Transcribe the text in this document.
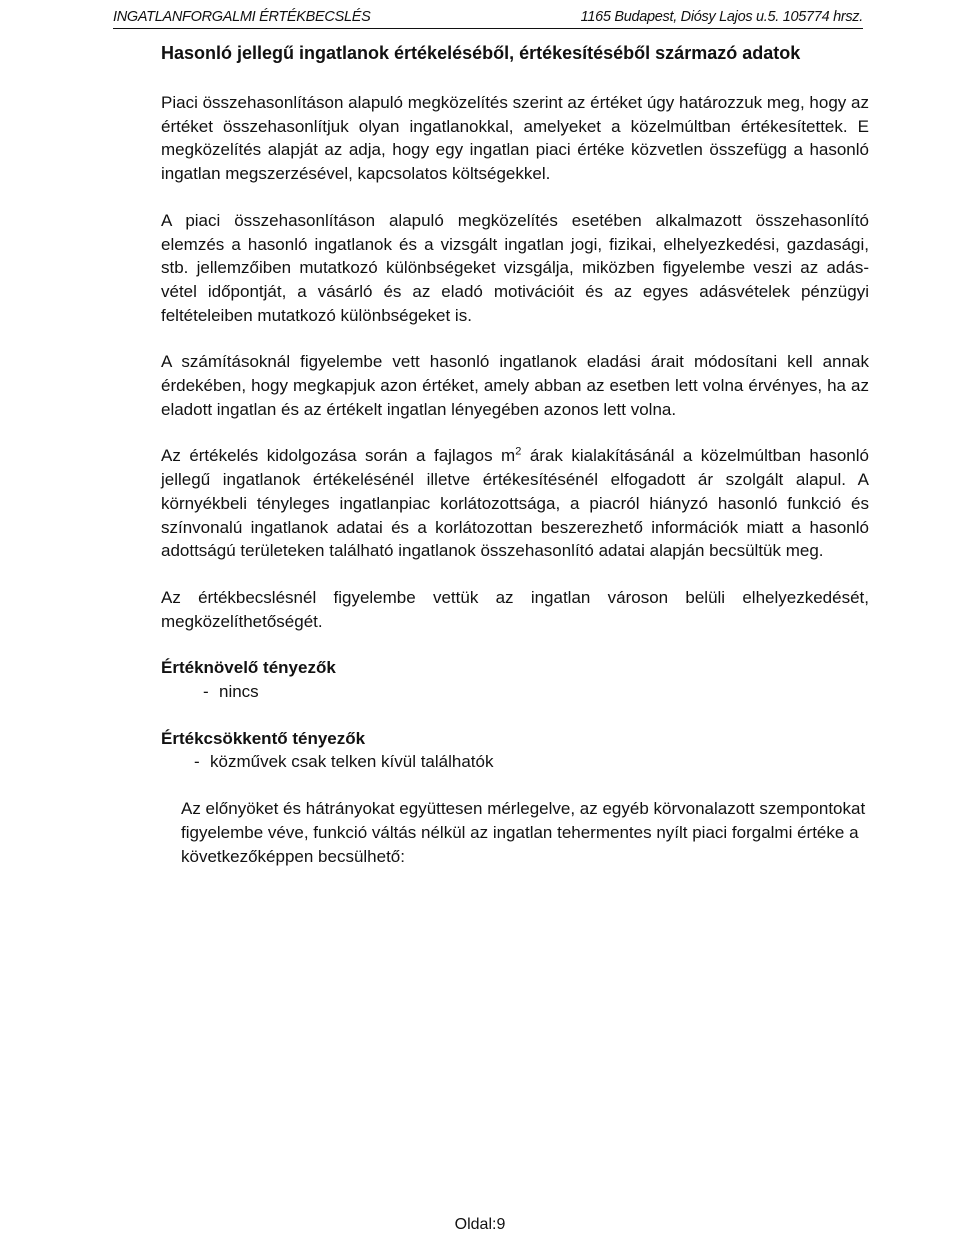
INGATLANFORGALMI ÉRTÉKBECSLÉS	1165 Budapest, Diósy Lajos u.5. 105774 hrsz.
Hasonló jellegű ingatlanok értékeléséből, értékesítéséből származó adatok

Piaci összehasonlításon alapuló megközelítés szerint az értéket úgy határozzuk meg, hogy az értéket összehasonlítjuk olyan ingatlanokkal, amelyeket a közelmúltban értékesítettek. E megközelítés alapját az adja, hogy egy ingatlan piaci értéke közvetlen összefügg a hasonló ingatlan megszerzésével, kapcsolatos költségekkel.

A piaci összehasonlításon alapuló megközelítés esetében alkalmazott összehasonlító elemzés a hasonló ingatlanok és a vizsgált ingatlan jogi, fizikai, elhelyezkedési, gazdasági, stb. jellemzőiben mutatkozó különbségeket vizsgálja, miközben figyelembe veszi az adás-vétel időpontját, a vásárló és az eladó motivációit és az egyes adásvételek pénzügyi feltételeiben mutatkozó különbségeket is.

A számításoknál figyelembe vett hasonló ingatlanok eladási árait módosítani kell annak érdekében, hogy megkapjuk azon értéket, amely abban az esetben lett volna érvényes, ha az eladott ingatlan és az értékelt ingatlan lényegében azonos lett volna.

Az értékelés kidolgozása során a fajlagos $m^2$ árak kialakításánál a közelmúltban hasonló jellegű ingatlanok értékelésénél illetve értékesítésénél elfogadott ár szolgált alapul. A környékbeli tényleges ingatlanpiac korlátozottsága, a piacról hiányzó hasonló funkció és színvonalú ingatlanok adatai és a korlátozottan beszerezhető információk miatt a hasonló adottságú területeken található ingatlanok összehasonlító adatai alapján becsültük meg.

Az értékbecslésnél figyelembe vettük az ingatlan városon belüli elhelyezkedését, megközelíthetőségét.

Értéknövelő tényezők

- nincs

Értékcsökkentő tényezők

- közművek csak telken kívül találhatók

Az előnyöket és hátrányokat együttesen mérlegelve, az egyéb körvonalazott szempontokat figyelembe véve, funkció váltás nélkül az ingatlan tehermentes nyílt piaci forgalmi értéke a következőképpen becsülhető:

Oldal:9
